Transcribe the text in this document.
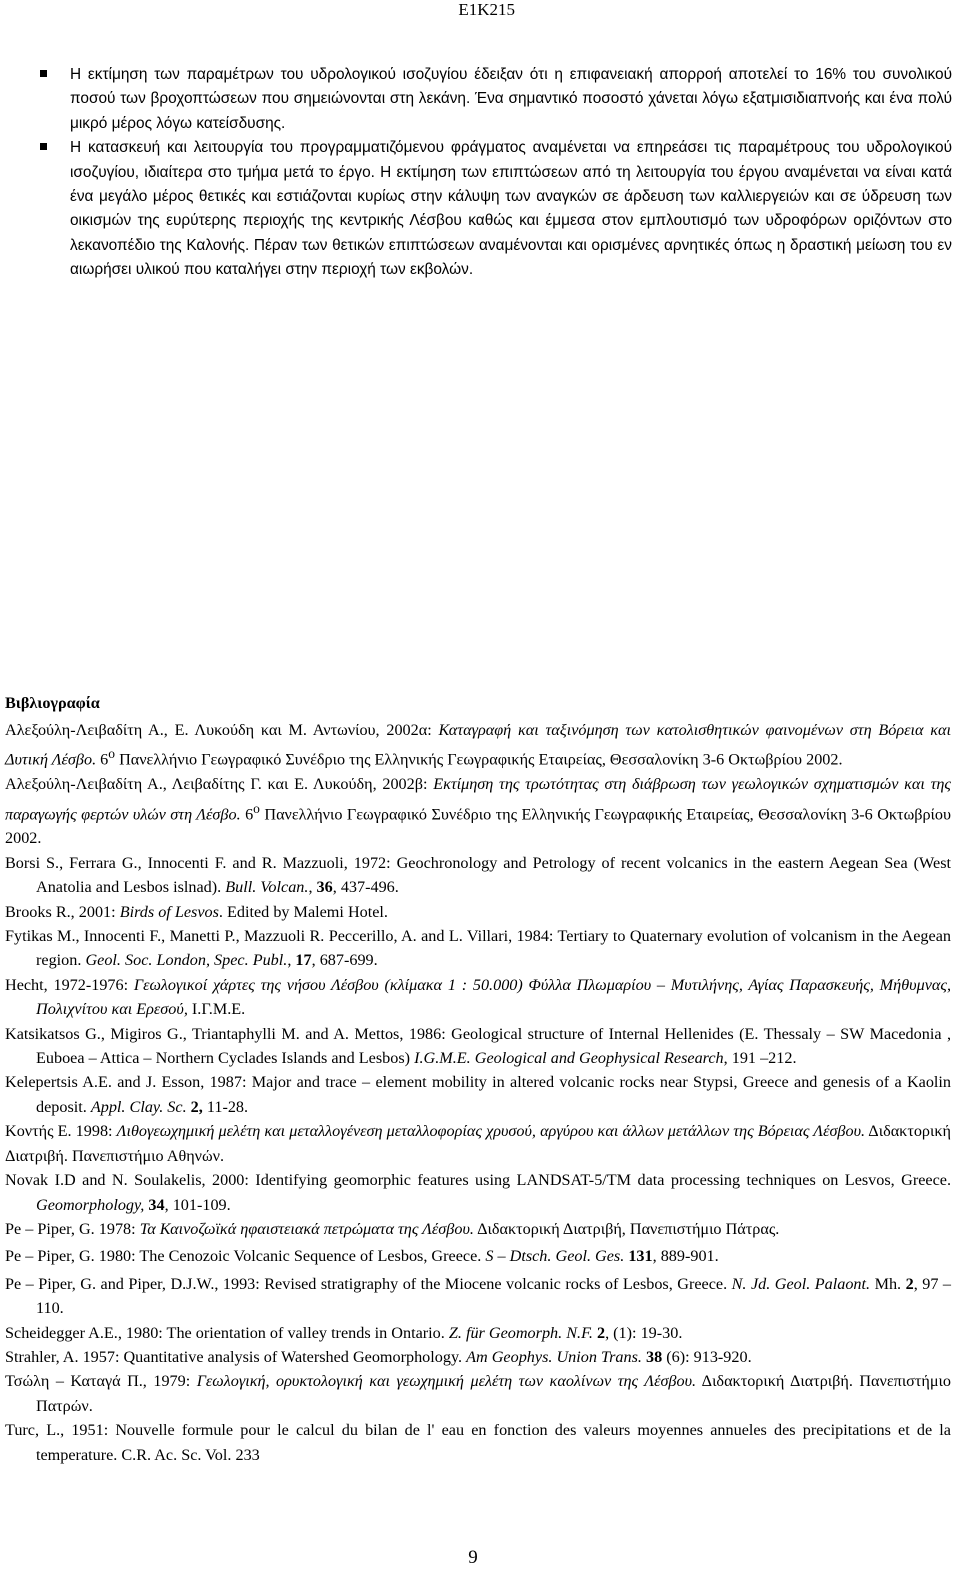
Ε1Κ215
Η εκτίμηση των παραμέτρων του υδρολογικού ισοζυγίου έδειξαν ότι η επιφανειακή απορροή αποτελεί το 16% του συνολικού ποσού των βροχοπτώσεων που σημειώνονται στη λεκάνη. Ένα σημαντικό ποσοστό χάνεται λόγω εξατμισιδιαπνοής και ένα πολύ μικρό μέρος λόγω κατείσδυσης.
Η κατασκευή και λειτουργία του προγραμματιζόμενου φράγματος αναμένεται να επηρεάσει τις παραμέτρους του υδρολογικού ισοζυγίου, ιδιαίτερα στο τμήμα μετά το έργο. Η εκτίμηση των επιπτώσεων από τη λειτουργία του έργου αναμένεται να είναι κατά ένα μεγάλο μέρος θετικές και εστιάζονται κυρίως στην κάλυψη των αναγκών σε άρδευση των καλλιεργειών και σε ύδρευση των οικισμών της ευρύτερης περιοχής της κεντρικής Λέσβου καθώς και έμμεσα στον εμπλουτισμό των υδροφόρων οριζόντων στο λεκανοπέδιο της Καλονής. Πέραν των θετικών επιπτώσεων αναμένονται και ορισμένες αρνητικές όπως η δραστική μείωση του εν αιωρήσει υλικού που καταλήγει στην περιοχή των εκβολών.
Βιβλιογραφία
Αλεξούλη-Λειβαδίτη Α., Ε. Λυκούδη και Μ. Αντωνίου, 2002α: Καταγραφή και ταξινόμηση των κατολισθητικών φαινομένων στη Βόρεια και Δυτική Λέσβο. $6^o$ Πανελλήνιο Γεωγραφικό Συνέδριο της Ελληνικής Γεωγραφικής Εταιρείας, Θεσσαλονίκη 3-6 Οκτωβρίου 2002.
Αλεξούλη-Λειβαδίτη Α., Λειβαδίτης Γ. και Ε. Λυκούδη, 2002β: Εκτίμηση της τρωτότητας στη διάβρωση των γεωλογικών σχηματισμών και της παραγωγής φερτών υλών στη Λέσβο. $6^o$ Πανελλήνιο Γεωγραφικό Συνέδριο της Ελληνικής Γεωγραφικής Εταιρείας, Θεσσαλονίκη 3-6 Οκτωβρίου 2002.
Borsi S., Ferrara G., Innocenti F. and R. Mazzuoli, 1972: Geochronology and Petrology of recent volcanics in the eastern Aegean Sea (West Anatolia and Lesbos islnad). Bull. Volcan., 36, 437-496.
Brooks R., 2001: Birds of Lesvos. Edited by Malemi Hotel.
Fytikas M., Innocenti F., Manetti P., Mazzuoli R. Peccerillo, A. and L. Villari, 1984: Tertiary to Quaternary evolution of volcanism in the Aegean region. Geol. Soc. London, Spec. Publ., 17, 687-699.
Hecht, 1972-1976: Γεωλογικοί χάρτες της νήσου Λέσβου (κλίμακα 1 : 50.000) Φύλλα Πλωμαρίου – Μυτιλήνης, Αγίας Παρασκευής, Μήθυμνας, Πολιχνίτου και Ερεσού, Ι.Γ.Μ.Ε.
Katsikatsos G., Migiros G., Triantaphylli M. and A. Mettos, 1986: Geological structure of Internal Hellenides (E. Thessaly – SW Macedonia , Euboea – Attica – Northern Cyclades Islands and Lesbos) I.G.M.E. Geological and Geophysical Research, 191 –212.
Kelepertsis A.E. and J. Esson, 1987: Major and trace – element mobility in altered volcanic rocks near Stypsi, Greece and genesis of a Kaolin deposit. Appl. Clay. Sc. 2, 11-28.
Κοντής Ε. 1998: Λιθογεωχημική μελέτη και μεταλλογένεση μεταλλοφορίας χρυσού, αργύρου και άλλων μετάλλων της Βόρειας Λέσβου. Διδακτορική Διατριβή. Πανεπιστήμιο Αθηνών.
Novak I.D and N. Soulakelis, 2000: Identifying geomorphic features using LANDSAT-5/TM data processing techniques on Lesvos, Greece. Geomorphology, 34, 101-109.
Pe – Piper, G. 1978: Τα Καινοζωϊκά ηφαιστειακά πετρώματα της Λέσβου. Διδακτορική Διατριβή, Πανεπιστήμιο Πάτρας.
Pe – Piper, G. 1980: The Cenozoic Volcanic Sequence of Lesbos, Greece. S – Dtsch. Geol. Ges. 131, 889-901.
Pe – Piper, G. and Piper, D.J.W., 1993: Revised stratigraphy of the Miocene volcanic rocks of Lesbos, Greece. N. Jd. Geol. Palaont. Mh. 2, 97 – 110.
Scheidegger A.E., 1980: The orientation of valley trends in Ontario. Z. für Geomorph. N.F. 2, (1): 19-30.
Strahler, A. 1957: Quantitative analysis of Watershed Geomorphology. Am Geophys. Union Trans. 38 (6): 913-920.
Τσώλη – Καταγά Π., 1979: Γεωλογική, ορυκτολογική και γεωχημική μελέτη των καολίνων της Λέσβου. Διδακτορική Διατριβή. Πανεπιστήμιο Πατρών.
Turc, L., 1951: Nouvelle formule pour le calcul du bilan de l' eau en fonction des valeurs moyennes annueles des precipitations et de la temperature. C.R. Ac. Sc. Vol. 233
9
